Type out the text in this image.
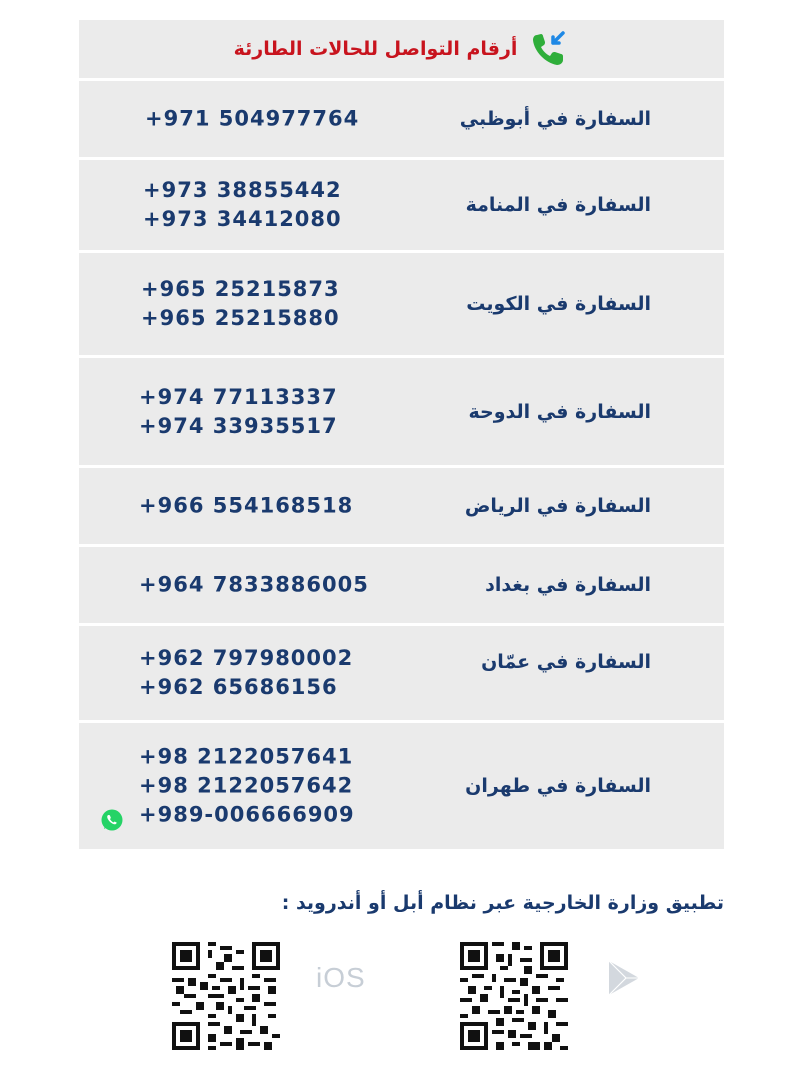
أرقام التواصل للحالات الطارئة
السفارة في أبوظبي
+971 504977764
السفارة في المنامة
+973 38855442
+973 34412080
السفارة في الكويت
+965 25215873
+965 25215880
السفارة في الدوحة
+974 77113337
+974 33935517
السفارة في الرياض
+966 554168518
السفارة في بغداد
+964 7833886005
السفارة في عمّان
+962 797980002
+962 65686156
السفارة في طهران
+98 2122057641
+98 2122057642
+989-006666909
تطبيق وزارة الخارجية عبر نظام أبل أو أندرويد :
iOS
